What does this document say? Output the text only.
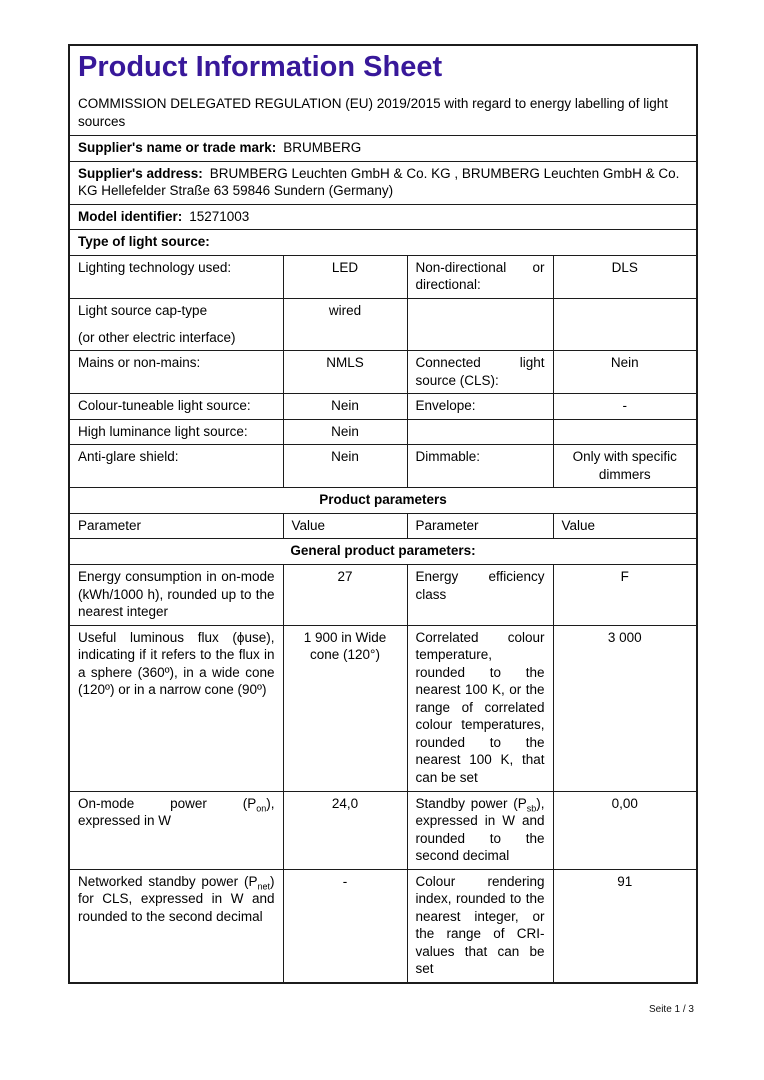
Product Information Sheet

COMMISSION DELEGATED REGULATION (EU) 2019/2015 with regard to energy labelling of light sources

Supplier's name or trade mark: BRUMBERG			
Supplier's address: BRUMBERG Leuchten GmbH & Co. KG , BRUMBERG Leuchten GmbH & Co. KG Hellefelder Straße 63 59846 Sundern (Germany)			
Model identifier: 15271003			
Type of light source:			
Lighting technology used:	LED	Non-directional or directional:	DLS

Light source cap-type
(or other electric interface)	wired		
Mains or non-mains:	NMLS	Connected light source (CLS):	Nein
Colour-tuneable light source:	Nein	Envelope:	-
High luminance light source:	Nein		
Anti-glare shield:	Nein	Dimmable:	Only with specific dimmers
Product parameters			
Parameter	Value	Parameter	Value
General product parameters:			
Energy consumption in on-mode (kWh/1000 h), rounded up to the nearest integer	27	Energy efficiency class	F
Useful luminous flux (ϕuse), indicating if it refers to the flux in a sphere (360º), in a wide cone (120º) or in a narrow cone (90º)	1 900 in Wide cone (120°)	Correlated colour temperature, rounded to the nearest 100 K, or the range of correlated colour temperatures, rounded to the nearest 100 K, that can be set	3 000
On-mode power $(P_{on})$, expressed in W	24,0	Standby power $(P_{sb})$, expressed in W and rounded to the second decimal	0,00
Networked standby power $(P_{net})$ for CLS, expressed in W and rounded to the second decimal	-	Colour rendering index, rounded to the nearest integer, or the range of CRI-values that can be set	91
Seite 1 / 3
